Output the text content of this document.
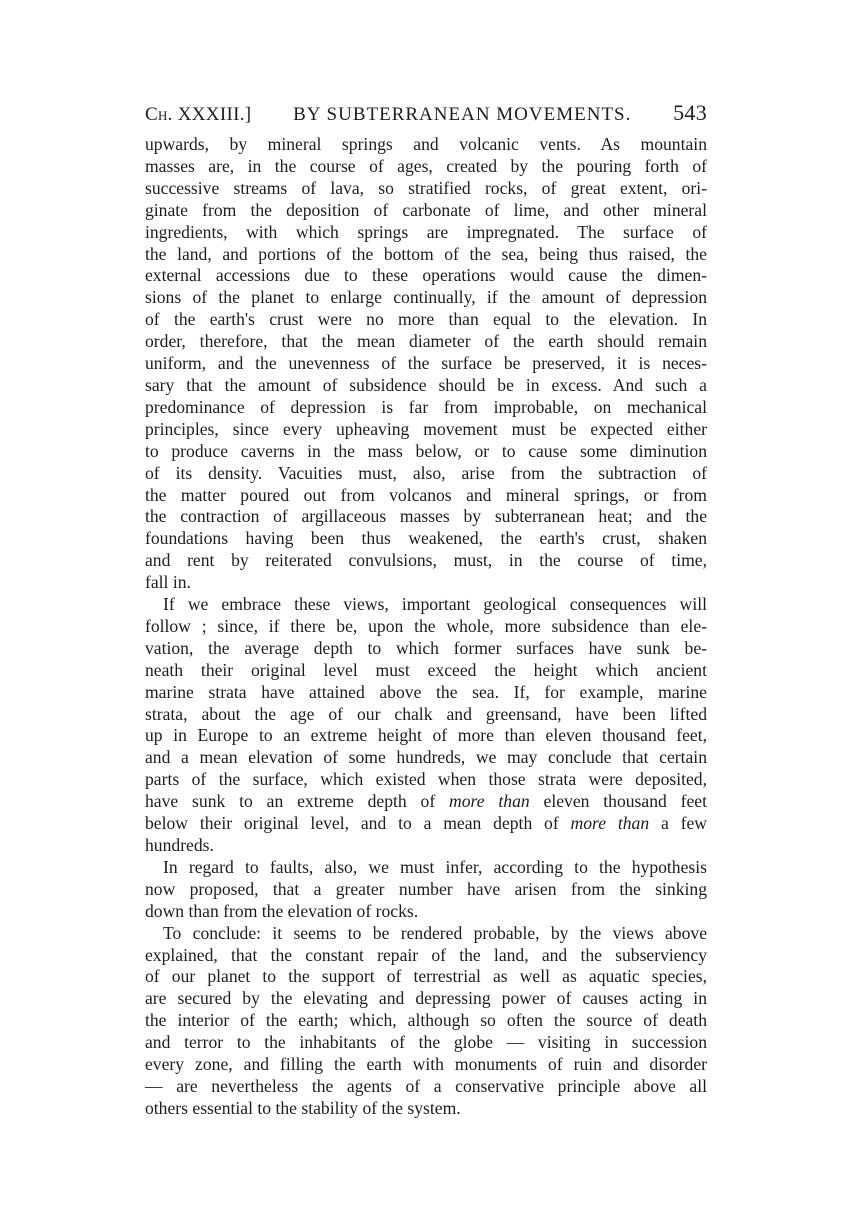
Ch. XXXIII.] BY SUBTERRANEAN MOVEMENTS. 543
upwards, by mineral springs and volcanic vents. As mountain
masses are, in the course of ages, created by the pouring forth of
successive streams of lava, so stratified rocks, of great extent, ori-
ginate from the deposition of carbonate of lime, and other mineral
ingredients, with which springs are impregnated. The surface of
the land, and portions of the bottom of the sea, being thus raised, the
external accessions due to these operations would cause the dimen-
sions of the planet to enlarge continually, if the amount of depression
of the earth's crust were no more than equal to the elevation. In
order, therefore, that the mean diameter of the earth should remain
uniform, and the unevenness of the surface be preserved, it is neces-
sary that the amount of subsidence should be in excess. And such a
predominance of depression is far from improbable, on mechanical
principles, since every upheaving movement must be expected either
to produce caverns in the mass below, or to cause some diminution
of its density. Vacuities must, also, arise from the subtraction of
the matter poured out from volcanos and mineral springs, or from
the contraction of argillaceous masses by subterranean heat; and the
foundations having been thus weakened, the earth's crust, shaken
and rent by reiterated convulsions, must, in the course of time,
fall in.
If we embrace these views, important geological consequences will
follow ; since, if there be, upon the whole, more subsidence than ele-
vation, the average depth to which former surfaces have sunk be-
neath their original level must exceed the height which ancient
marine strata have attained above the sea. If, for example, marine
strata, about the age of our chalk and greensand, have been lifted
up in Europe to an extreme height of more than eleven thousand feet,
and a mean elevation of some hundreds, we may conclude that certain
parts of the surface, which existed when those strata were deposited,
have sunk to an extreme depth of more than eleven thousand feet
below their original level, and to a mean depth of more than a few
hundreds.
In regard to faults, also, we must infer, according to the hypothesis
now proposed, that a greater number have arisen from the sinking
down than from the elevation of rocks.
To conclude: it seems to be rendered probable, by the views above
explained, that the constant repair of the land, and the subserviency
of our planet to the support of terrestrial as well as aquatic species,
are secured by the elevating and depressing power of causes acting in
the interior of the earth; which, although so often the source of death
and terror to the inhabitants of the globe — visiting in succession
every zone, and filling the earth with monuments of ruin and disorder
— are nevertheless the agents of a conservative principle above all
others essential to the stability of the system.
